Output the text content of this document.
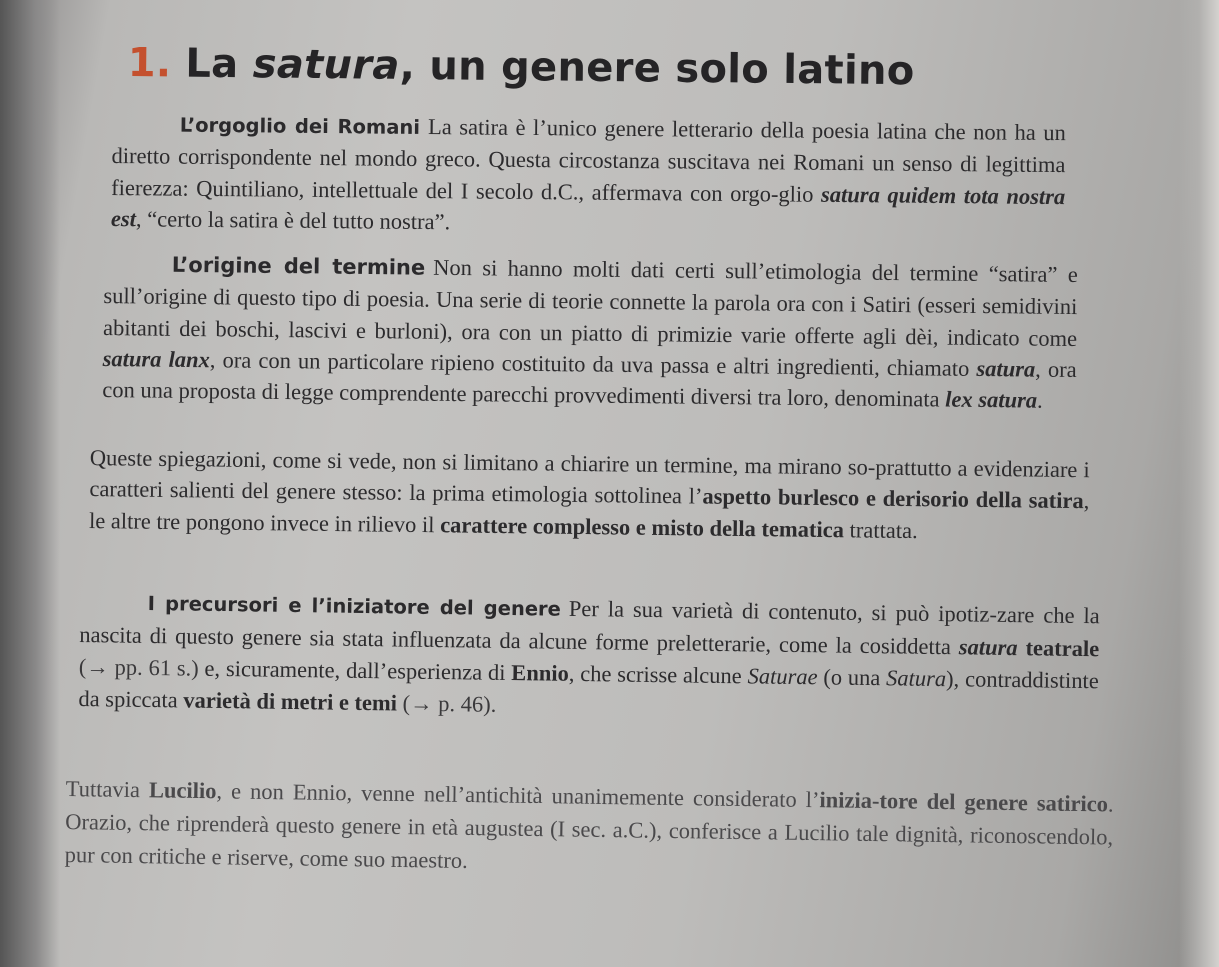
1. La satura, un genere solo latino

L’orgoglio dei Romani La satira è l’unico genere letterario della poesia latina che non ha un diretto corrispondente nel mondo greco. Questa circostanza suscitava nei Romani un senso di legittima fierezza: Quintiliano, intellettuale del I secolo d.C., affermava con orgo-glio satura quidem tota nostra est, “certo la satira è del tutto nostra”.

L’origine del termine Non si hanno molti dati certi sull’etimologia del termine “satira” e sull’origine di questo tipo di poesia. Una serie di teorie connette la parola ora con i Satiri (esseri semidivini abitanti dei boschi, lascivi e burloni), ora con un piatto di primizie varie offerte agli dèi, indicato come satura lanx, ora con un particolare ripieno costituito da uva passa e altri ingredienti, chiamato satura, ora con una proposta di legge comprendente parecchi provvedimenti diversi tra loro, denominata lex satura.

Queste spiegazioni, come si vede, non si limitano a chiarire un termine, ma mirano so-prattutto a evidenziare i caratteri salienti del genere stesso: la prima etimologia sottolinea l’aspetto burlesco e derisorio della satira, le altre tre pongono invece in rilievo il carattere complesso e misto della tematica trattata.

I precursori e l’iniziatore del genere Per la sua varietà di contenuto, si può ipotiz-zare che la nascita di questo genere sia stata influenzata da alcune forme preletterarie, come la cosiddetta satura teatrale (→ pp. 61 s.) e, sicuramente, dall’esperienza di Ennio, che scrisse alcune Saturae (o una Satura), contraddistinte da spiccata varietà di metri e temi (→ p. 46).

Tuttavia Lucilio, e non Ennio, venne nell’antichità unanimemente considerato l’inizia-tore del genere satirico. Orazio, che riprenderà questo genere in età augustea (I sec. a.C.), conferisce a Lucilio tale dignità, riconoscendolo, pur con critiche e riserve, come suo maestro.
